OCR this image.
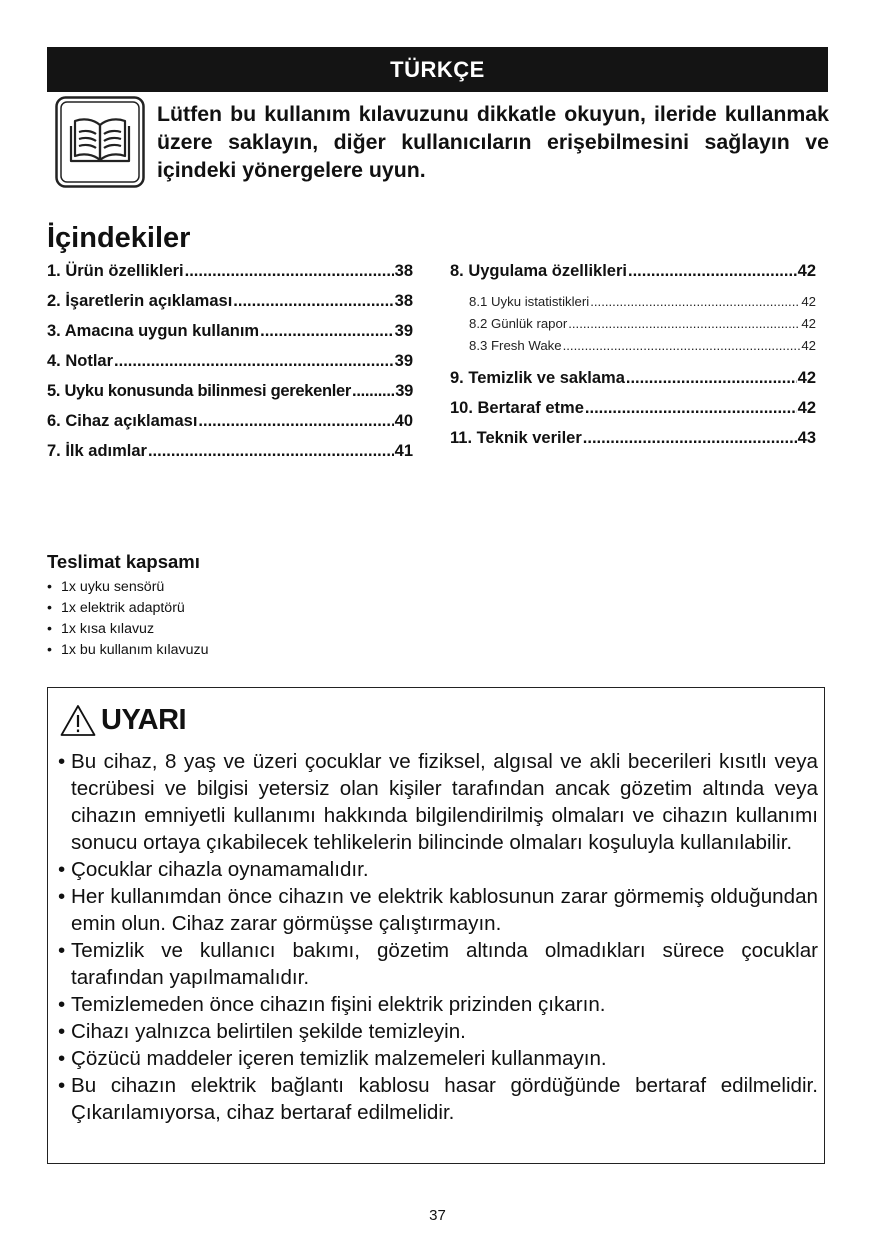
TÜRKÇE
Lütfen bu kullanım kılavuzunu dikkatle okuyun, ileride kullanmak üzere saklayın, diğer kullanıcıların erişebilmesini sağlayın ve içindeki yönergelere uyun.
İçindekiler
1. Ürün özellikleri .....	38
2. İşaretlerin açıklaması .....	38
3. Amacına uygun kullanım .....	39
4. Notlar .....	39
5. Uyku konusunda bilinmesi gerekenler .....	39
6. Cihaz açıklaması .....	40
7. İlk adımlar .....	41
8. Uygulama özellikleri .....	42
8.1 Uyku istatistikleri .....	42
8.2 Günlük rapor .....	42
8.3 Fresh Wake .....	42
9. Temizlik ve saklama .....	42
10. Bertaraf etme .....	42
11. Teknik veriler .....	43
Teslimat kapsamı
• 1x uyku sensörü
• 1x elektrik adaptörü
• 1x kısa kılavuz
• 1x bu kullanım kılavuzu
UYARI
• Bu cihaz, 8 yaş ve üzeri çocuklar ve fiziksel, algısal ve akli becerileri kısıtlı veya tecrübesi ve bilgisi yetersiz olan kişiler tarafından ancak gözetim altında veya cihazın emniyetli kullanımı hakkında bilgilendirilmiş olmaları ve cihazın kullanımı sonucu ortaya çıkabilecek tehlikelerin bilincinde olmaları koşuluyla kullanılabilir.
• Çocuklar cihazla oynamamalıdır.
• Her kullanımdan önce cihazın ve elektrik kablosunun zarar görmemiş olduğundan emin olun. Cihaz zarar görmüşse çalıştırmayın.
• Temizlik ve kullanıcı bakımı, gözetim altında olmadıkları sürece çocuklar tarafından yapılmamalıdır.
• Temizlemeden önce cihazın fişini elektrik prizinden çıkarın.
• Cihazı yalnızca belirtilen şekilde temizleyin.
• Çözücü maddeler içeren temizlik malzemeleri kullanmayın.
• Bu cihazın elektrik bağlantı kablosu hasar gördüğünde bertaraf edilmelidir. Çıkarılamıyorsa, cihaz bertaraf edilmelidir.
37
